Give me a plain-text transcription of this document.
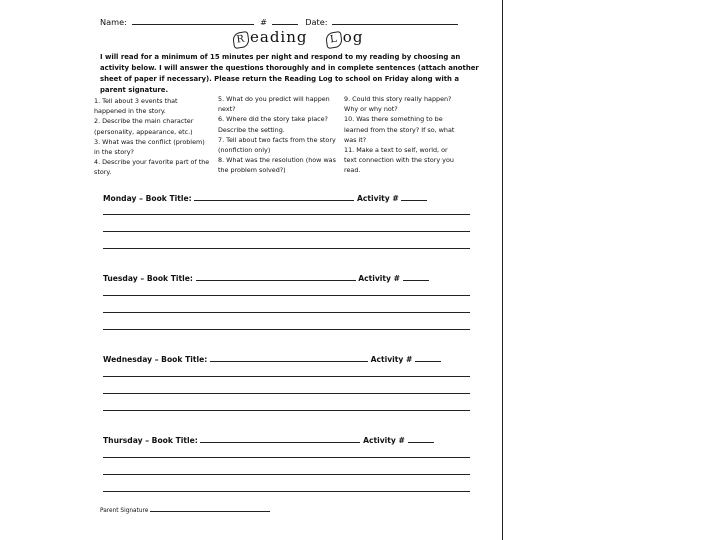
Name:	#	Date:
R eading L og
I will read for a minimum of 15 minutes per night and respond to my reading by choosing an activity below. I will answer the questions thoroughly and in complete sentences (attach another sheet of paper if necessary). Please return the Reading Log to school on Friday along with a parent signature.
1. Tell about 3 events that happened in the story.
2. Describe the main character (personality, appearance, etc.)
3. What was the conflict (problem) in the story?
4. Describe your favorite part of the story.
5. What do you predict will happen next?
6. Where did the story take place? Describe the setting.
7. Tell about two facts from the story (nonfiction only)
8. What was the resolution (how was the problem solved?)
9. Could this story really happen? Why or why not?
10. Was there something to be learned from the story? If so, what was it?
11. Make a text to self, world, or text connection with the story you read.
Monday – Book Title:	Activity #
Tuesday – Book Title:	Activity #
Wednesday – Book Title:	Activity #
Thursday – Book Title:	Activity #
Parent Signature
